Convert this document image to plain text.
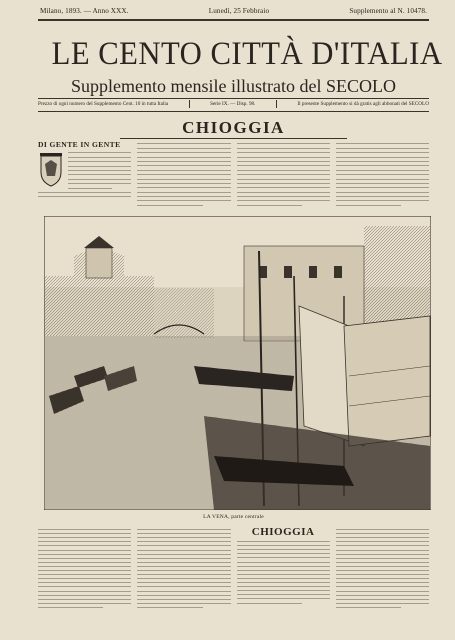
Milano, 1893. — Anno XXX.	Lunedì, 25 Febbraio	Supplemento al N. 10478.
LE CENTO CITTÀ D'ITALIA
Supplemento mensile illustrato del SECOLO
Prezzo di ogni numero del Supplemento Cent. 10 in tutta Italia	Serie IX. — Disp. 98.	Il presente Supplemento si dà gratis agli abbonati del SECOLO
CHIOGGIA
DI GENTE IN GENTE
LA VENA, parte centrale
CHIOGGIA
